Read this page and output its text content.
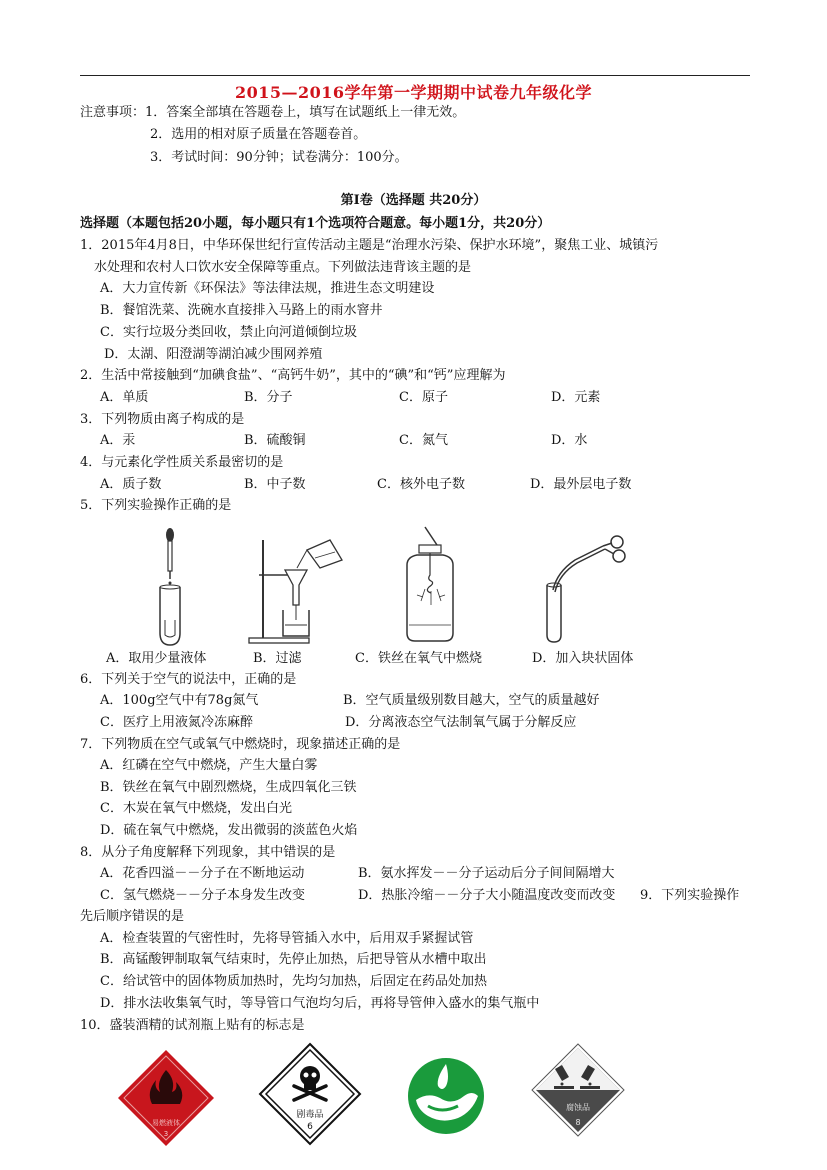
2015—2016学年第一学期期中试卷九年级化学
注意事项：1．答案全部填在答题卷上，填写在试题纸上一律无效。
2．选用的相对原子质量在答题卷首。
3．考试时间：90分钟；试卷满分：100分。
第Ⅰ卷（选择题 共20分）
选择题（本题包括20小题，每小题只有1个选项符合题意。每小题1分，共20分）
1．2015年4月8日，中华环保世纪行宣传活动主题是“治理水污染、保护水环境”，聚焦工业、城镇污
水处理和农村人口饮水安全保障等重点。下列做法违背该主题的是
A．大力宣传新《环保法》等法律法规，推进生态文明建设
B．餐馆洗菜、洗碗水直接排入马路上的雨水窨井
C．实行垃圾分类回收，禁止向河道倾倒垃圾
D．太湖、阳澄湖等湖泊减少围网养殖
2．生活中常接触到“加碘食盐”、“高钙牛奶”，其中的“碘”和“钙”应理解为
A．单质	B．分子	C．原子	D．元素
3．下列物质由离子构成的是
A．汞	B．硫酸铜	C．氮气	D．水
4．与元素化学性质关系最密切的是
A．质子数	B．中子数	C．核外电子数	D．最外层电子数
5．下列实验操作正确的是
A．取用少量液体	B．过滤	C．铁丝在氧气中燃烧	D．加入块状固体
6．下列关于空气的说法中，正确的是
A．100g空气中有78g氮气	B．空气质量级别数目越大，空气的质量越好
C．医疗上用液氮冷冻麻醉	D．分离液态空气法制氧气属于分解反应
7．下列物质在空气或氧气中燃烧时，现象描述正确的是
A．红磷在空气中燃烧，产生大量白雾
B．铁丝在氧气中剧烈燃烧，生成四氧化三铁
C．木炭在氧气中燃烧，发出白光
D．硫在氧气中燃烧，发出微弱的淡蓝色火焰
8．从分子角度解释下列现象，其中错误的是
A．花香四溢－－分子在不断地运动	B．氨水挥发－－分子运动后分子间间隔增大
C．氢气燃烧－－分子本身发生改变	D．热胀冷缩－－分子大小随温度改变而改变 9．下列实验操作
先后顺序错误的是
A．检查装置的气密性时，先将导管插入水中，后用双手紧握试管
B．高锰酸钾制取氧气结束时，先停止加热，后把导管从水槽中取出
C．给试管中的固体物质加热时，先均匀加热，后固定在药品处加热
D．排水法收集氧气时，等导管口气泡均匀后，再将导管伸入盛水的集气瓶中
10．盛装酒精的试剂瓶上贴有的标志是
易燃液体
3
剧毒品
6
腐蚀品
8
